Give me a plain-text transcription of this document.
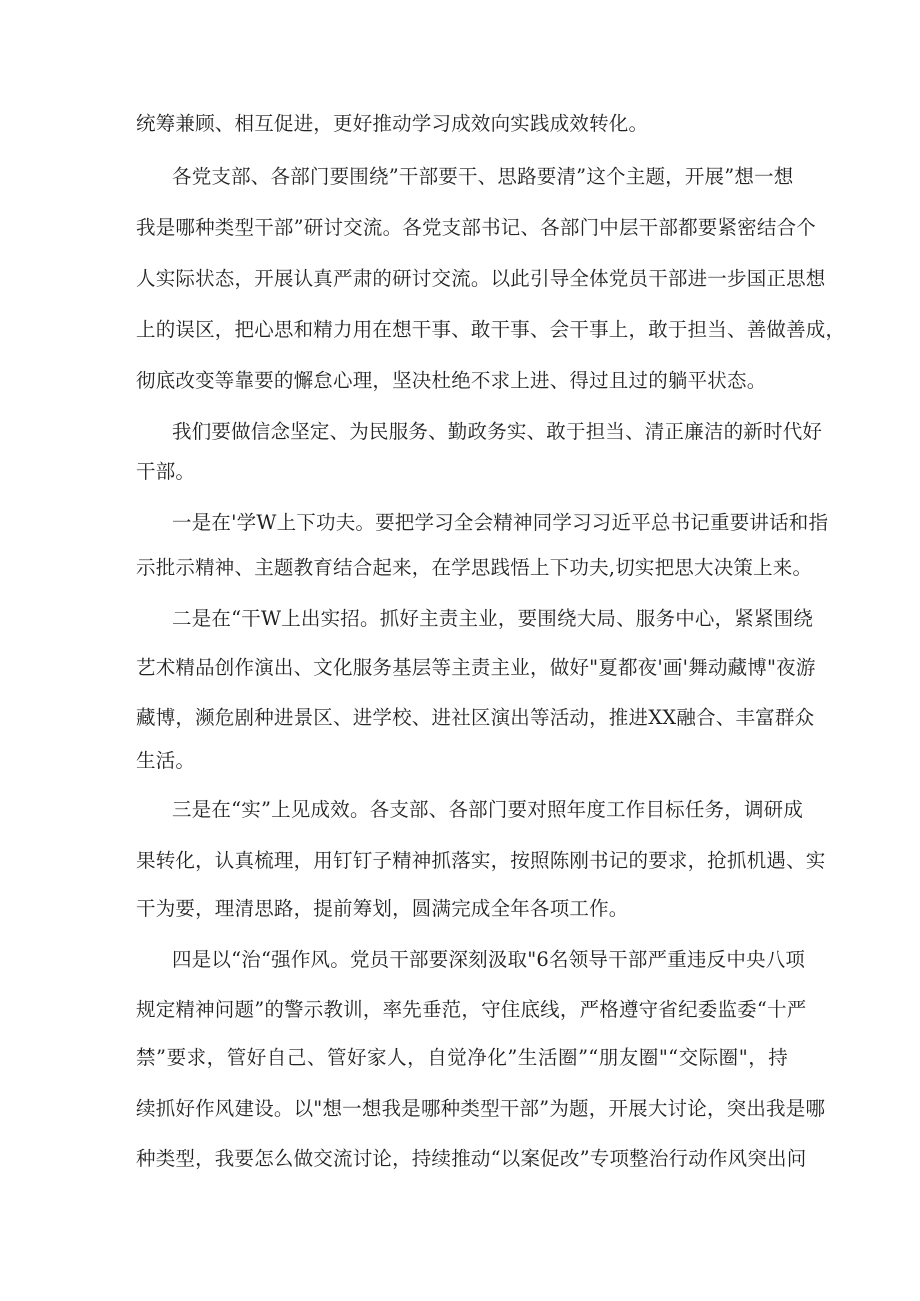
统筹兼顾、相互促进，更好推动学习成效向实践成效转化。
各党支部、各部门要围绕”干部要干、思路要清”这个主题，开展”想一想
我是哪种类型干部”研讨交流。各党支部书记、各部门中层干部都要紧密结合个
人实际状态，开展认真严肃的研讨交流。以此引导全体党员干部进一步国正思想
上的误区，把心思和精力用在想干事、敢干事、会干事上，敢于担当、善做善成，
彻底改变等靠要的懈怠心理，坚决杜绝不求上进、得过且过的躺平状态。
我们要做信念坚定、为民服务、勤政务实、敢于担当、清正廉洁的新时代好
干部。
一是在'学W上下功夫。要把学习全会精神同学习习近平总书记重要讲话和指
示批示精神、主题教育结合起来，在学思践悟上下功夫,切实把思大决策上来。
二是在“干W上出实招。抓好主责主业，要围绕大局、服务中心，紧紧围绕
艺术精品创作演出、文化服务基层等主责主业，做好"夏都夜'画'舞动藏博"夜游
藏博，濒危剧种进景区、进学校、进社区演出等活动，推进XX融合、丰富群众
生活。
三是在“实”上见成效。各支部、各部门要对照年度工作目标任务，调研成
果转化，认真梳理，用钉钉子精神抓落实，按照陈刚书记的要求，抢抓机遇、实
干为要，理清思路，提前筹划，圆满完成全年各项工作。
四是以“治“强作风。党员干部要深刻汲取"6名领导干部严重违反中央八项
规定精神问题”的警示教训，率先垂范，守住底线，严格遵守省纪委监委“十严
禁”要求，管好自己、管好家人，自觉净化”生活圈”“朋友圈"“交际圈"，持
续抓好作风建设。以"想一想我是哪种类型干部”为题，开展大讨论，突出我是哪
种类型，我要怎么做交流讨论，持续推动“以案促改”专项整治行动作风突出问
